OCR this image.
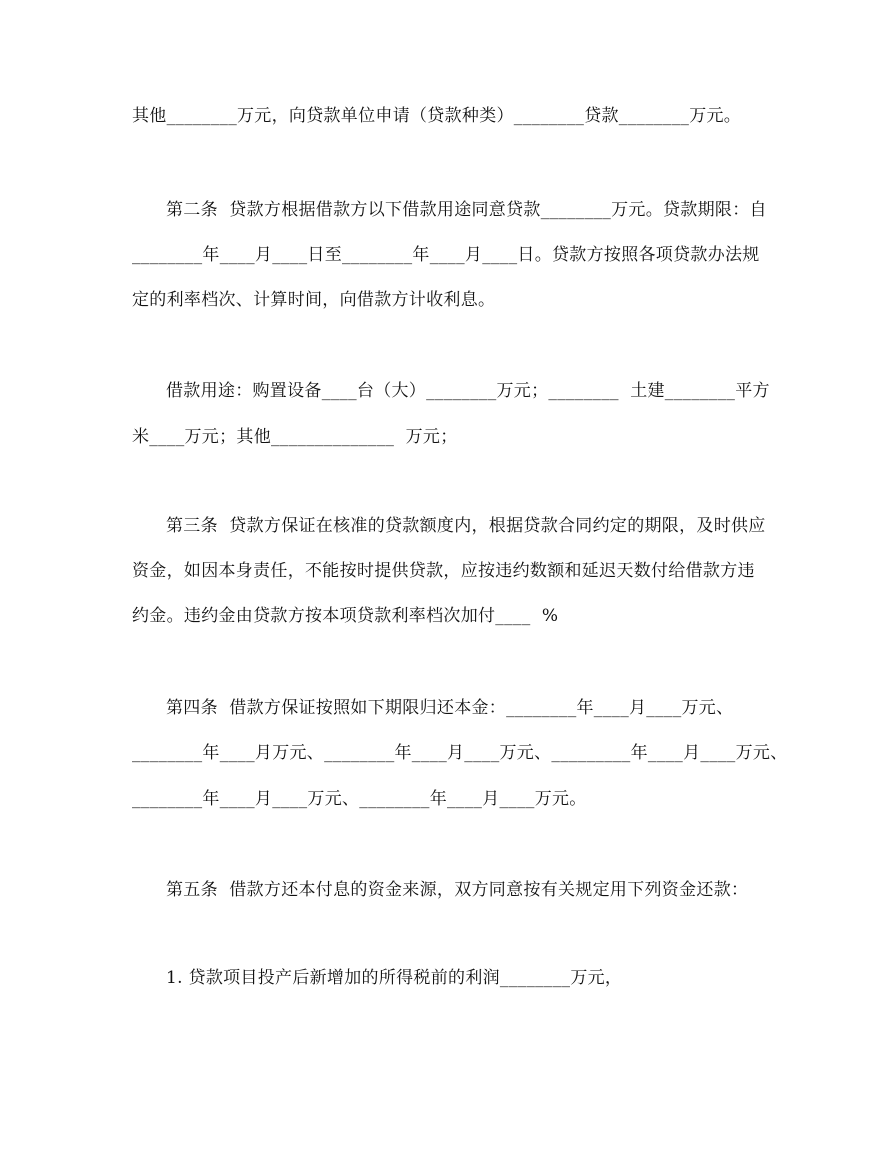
其他________万元，向贷款单位申请（贷款种类）________贷款________万元。
第二条  贷款方根据借款方以下借款用途同意贷款________万元。贷款期限：自
________年____月____日至________年____月____日。贷款方按照各项贷款办法规
定的利率档次、计算时间，向借款方计收利息。
借款用途：购置设备____台（大）________万元；________  土建________平方
米____万元；其他______________  万元；
第三条  贷款方保证在核准的贷款额度内，根据贷款合同约定的期限，及时供应
资金，如因本身责任，不能按时提供贷款，应按违约数额和延迟天数付给借款方违
约金。违约金由贷款方按本项贷款利率档次加付____  %
第四条  借款方保证按照如下期限归还本金：________年____月____万元、
________年____月万元、________年____月____万元、_________年____月____万元、
________年____月____万元、________年____月____万元。
第五条  借款方还本付息的资金来源，双方同意按有关规定用下列资金还款：
1. 贷款项目投产后新增加的所得税前的利润________万元，
